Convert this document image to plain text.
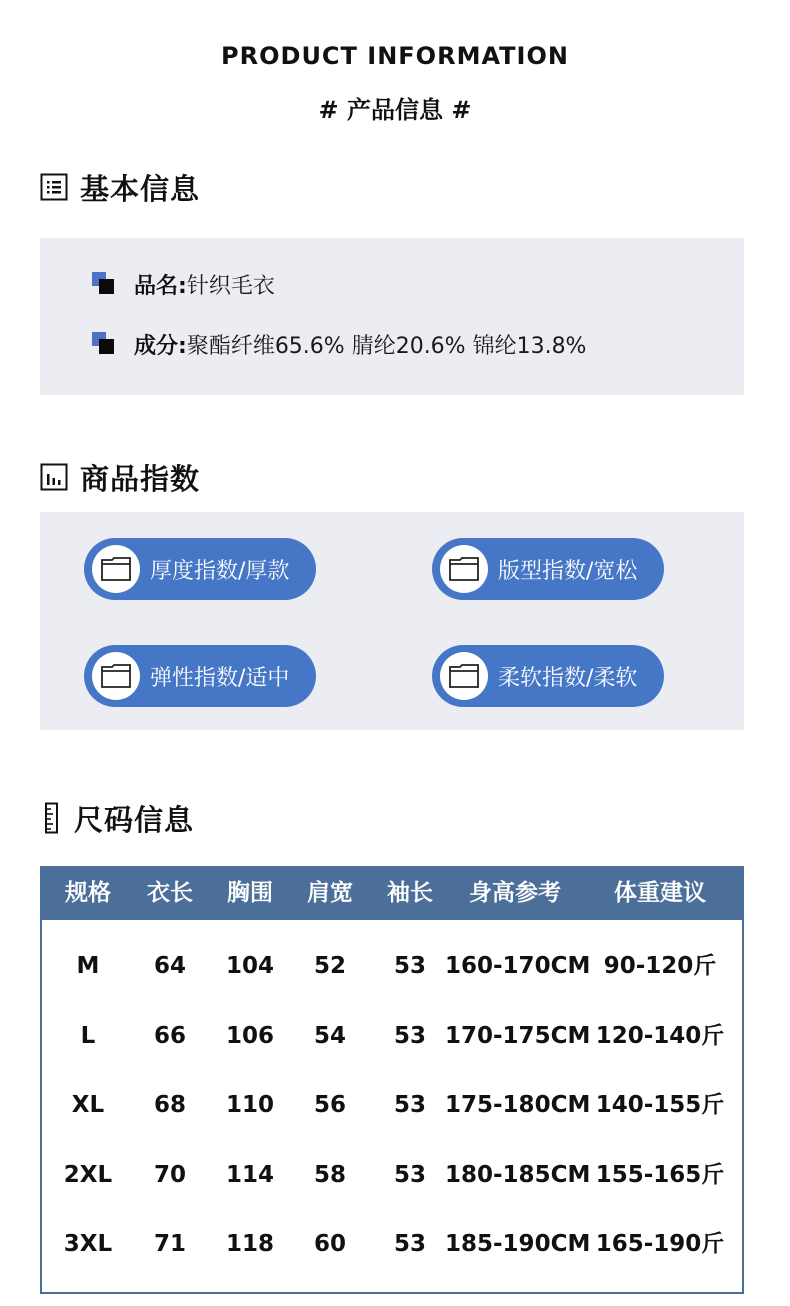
PRODUCT INFORMATION
# 产品信息 #
基本信息
品名: 针织毛衣
成分: 聚酯纤维65.6% 腈纶20.6% 锦纶13.8%
商品指数
厚度指数/厚款	版型指数/宽松
弹性指数/适中	柔软指数/柔软
尺码信息
规格	衣长	胸围	肩宽	袖长	身高参考	体重建议
M	64	104	52	53 160-170CM 90-120斤
L	66	106	54	53 170-175CM 120-140斤
XL	68	110	56	53 175-180CM 140-155斤
2XL	70	114	58	53 180-185CM 155-165斤
3XL	71	118	60	53 185-190CM 165-190斤
